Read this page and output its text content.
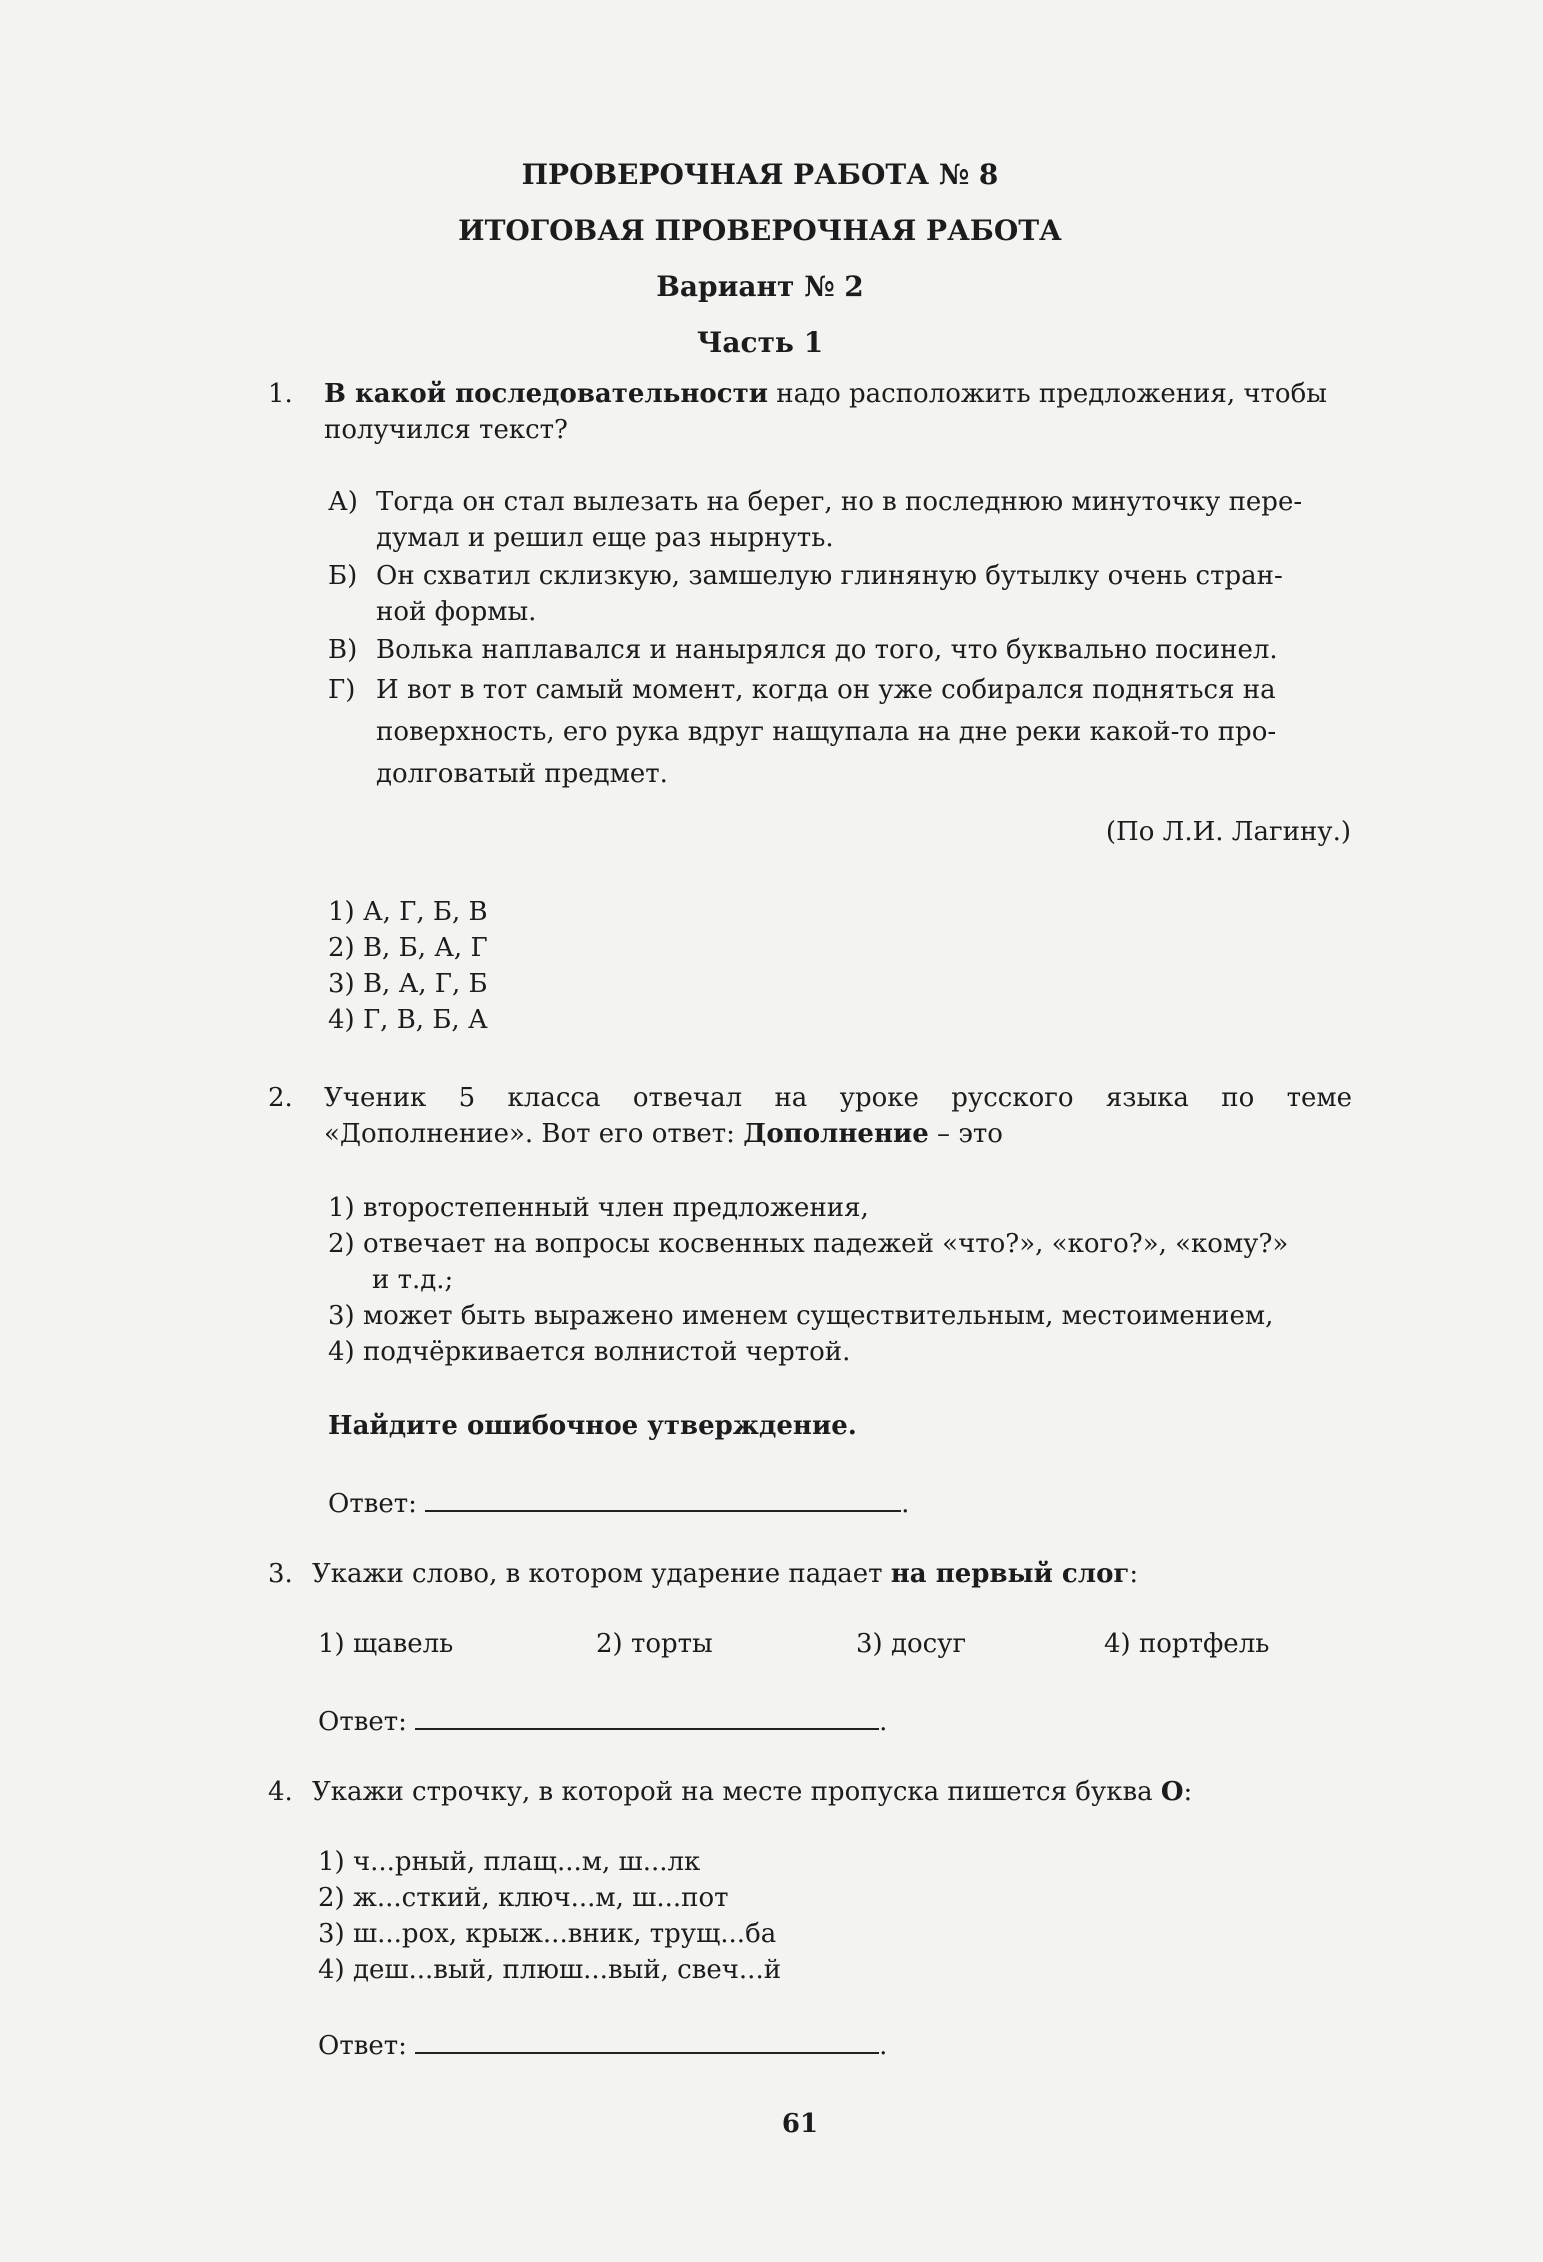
ПРОВЕРОЧНАЯ РАБОТА № 8
ИТОГОВАЯ ПРОВЕРОЧНАЯ РАБОТА
Вариант № 2
Часть 1
1. В какой последовательности надо расположить предложения, чтобы
получился текст?
А) Тогда он стал вылезать на берег, но в последнюю минуточку пере-
думал и решил еще раз нырнуть.
Б) Он схватил склизкую, замшелую глиняную бутылку очень стран-
ной формы.
В) Волька наплавался и нанырялся до того, что буквально посинел.
Г) И вот в тот самый момент, когда он уже собирался подняться на
поверхность, его рука вдруг нащупала на дне реки какой-то про-
долговатый предмет.
(По Л.И. Лагину.)
1) А, Г, Б, В
2) В, Б, А, Г
3) В, А, Г, Б
4) Г, В, Б, А
2. Ученик 5 класса отвечал на уроке русского языка по теме
«Дополнение». Вот его ответ: Дополнение – это
1) второстепенный член предложения,
2) отвечает на вопросы косвенных падежей «что?», «кого?», «кому?»
и т.д.;
3) может быть выражено именем существительным, местоимением,
4) подчёркивается волнистой чертой.
Найдите ошибочное утверждение.
Ответ:	.
3. Укажи слово, в котором ударение падает на первый слог:
1) щавель	2) торты	3) досуг	4) портфель
Ответ:	.
4. Укажи строчку, в которой на месте пропуска пишется буква О:
1) ч...рный, плащ...м, ш...лк
2) ж...сткий, ключ...м, ш...пот
3) ш...рох, крыж...вник, трущ...ба
4) деш...вый, плюш...вый, свеч...й
Ответ:	.
61
